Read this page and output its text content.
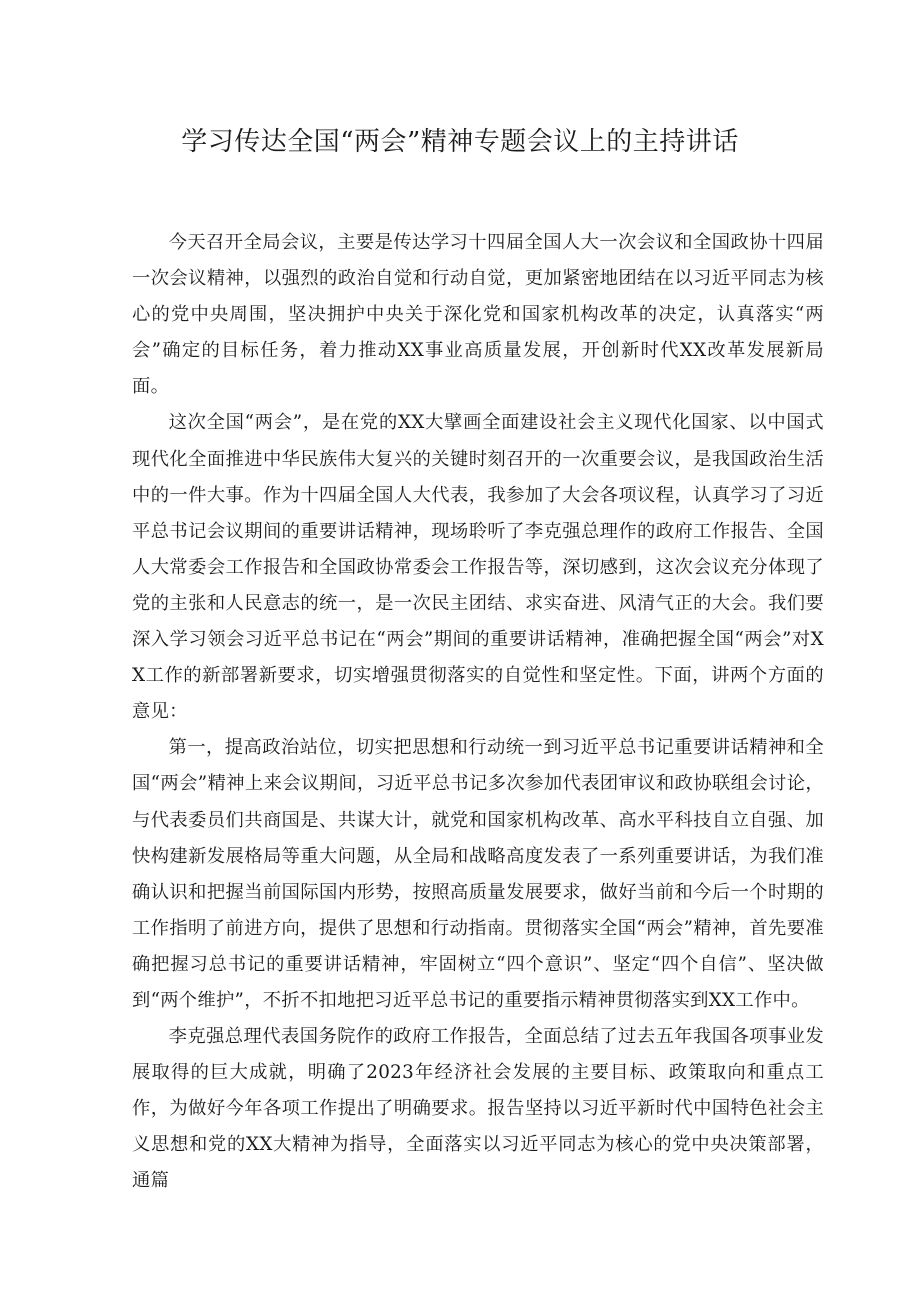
学习传达全国“两会”精神专题会议上的主持讲话

今天召开全局会议，主要是传达学习十四届全国人大一次会议和全国政协十四届一次会议精神，以强烈的政治自觉和行动自觉，更加紧密地团结在以习近平同志为核心的党中央周围，坚决拥护中央关于深化党和国家机构改革的决定，认真落实“两会”确定的目标任务，着力推动XX事业高质量发展，开创新时代XX改革发展新局面。

这次全国“两会”，是在党的XX大擘画全面建设社会主义现代化国家、以中国式现代化全面推进中华民族伟大复兴的关键时刻召开的一次重要会议，是我国政治生活中的一件大事。作为十四届全国人大代表，我参加了大会各项议程，认真学习了习近平总书记会议期间的重要讲话精神，现场聆听了李克强总理作的政府工作报告、全国人大常委会工作报告和全国政协常委会工作报告等，深切感到，这次会议充分体现了党的主张和人民意志的统一，是一次民主团结、求实奋进、风清气正的大会。我们要深入学习领会习近平总书记在“两会”期间的重要讲话精神，准确把握全国“两会”对XX工作的新部署新要求，切实增强贯彻落实的自觉性和坚定性。下面，讲两个方面的意见：

第一，提高政治站位，切实把思想和行动统一到习近平总书记重要讲话精神和全国“两会”精神上来会议期间，习近平总书记多次参加代表团审议和政协联组会讨论，与代表委员们共商国是、共谋大计，就党和国家机构改革、高水平科技自立自强、加快构建新发展格局等重大问题，从全局和战略高度发表了一系列重要讲话，为我们准确认识和把握当前国际国内形势，按照高质量发展要求，做好当前和今后一个时期的工作指明了前进方向，提供了思想和行动指南。贯彻落实全国“两会”精神，首先要准确把握习总书记的重要讲话精神，牢固树立“四个意识”、坚定“四个自信”、坚决做到“两个维护”，不折不扣地把习近平总书记的重要指示精神贯彻落实到XX工作中。

李克强总理代表国务院作的政府工作报告，全面总结了过去五年我国各项事业发展取得的巨大成就，明确了2023年经济社会发展的主要目标、政策取向和重点工作，为做好今年各项工作提出了明确要求。报告坚持以习近平新时代中国特色社会主义思想和党的XX大精神为指导，全面落实以习近平同志为核心的党中央决策部署，通篇
